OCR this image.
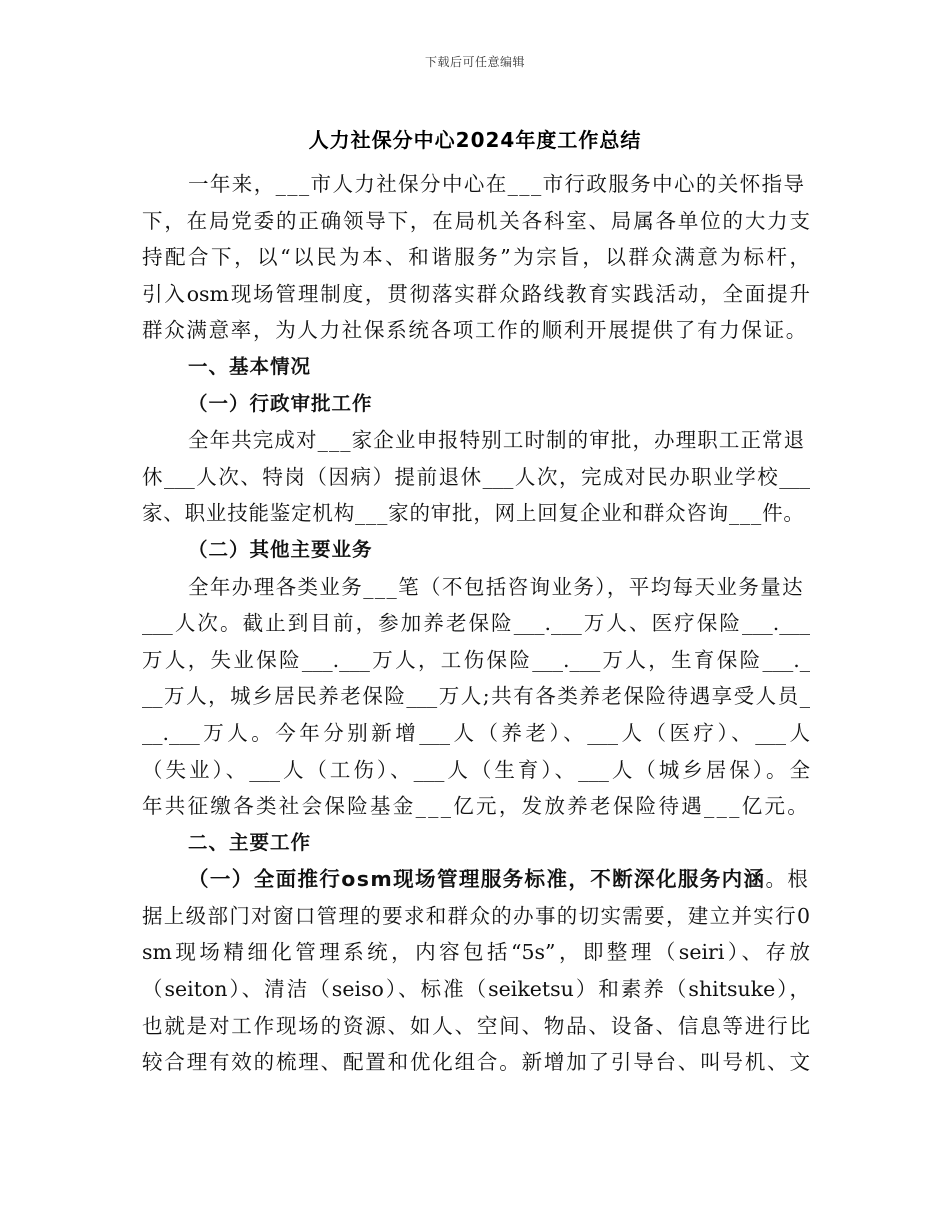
下载后可任意编辑
人力社保分中心2024年度工作总结
一年来，___市人力社保分中心在___市行政服务中心的关怀指导
下，在局党委的正确领导下，在局机关各科室、局属各单位的大力支
持配合下，以“以民为本、和谐服务”为宗旨，以群众满意为标杆，
引入osm现场管理制度，贯彻落实群众路线教育实践活动，全面提升
群众满意率，为人力社保系统各项工作的顺利开展提供了有力保证。
一、基本情况
（一）行政审批工作
全年共完成对___家企业申报特别工时制的审批，办理职工正常退
休___人次、特岗（因病）提前退休___人次，完成对民办职业学校___
家、职业技能鉴定机构___家的审批，网上回复企业和群众咨询___件。
（二）其他主要业务
全年办理各类业务___笔（不包括咨询业务），平均每天业务量达
___人次。截止到目前，参加养老保险___.___万人、医疗保险___.___
万人，失业保险___.___万人，工伤保险___.___万人，生育保险___._
__万人，城乡居民养老保险___万人;共有各类养老保险待遇享受人员_
__.___万人。今年分别新增___人（养老）、___人（医疗）、___人
（失业）、___人（工伤）、___人（生育）、___人（城乡居保）。全
年共征缴各类社会保险基金___亿元，发放养老保险待遇___亿元。
二、主要工作
（一）全面推行osm现场管理服务标准，不断深化服务内涵。根
据上级部门对窗口管理的要求和群众的办事的切实需要，建立并实行0
sm现场精细化管理系统，内容包括“5s”，即整理（seiri）、存放
（seiton）、清洁（seiso）、标准（seiketsu）和素养（shitsuke），
也就是对工作现场的资源、如人、空间、物品、设备、信息等进行比
较合理有效的梳理、配置和优化组合。新增加了引导台、叫号机、文
